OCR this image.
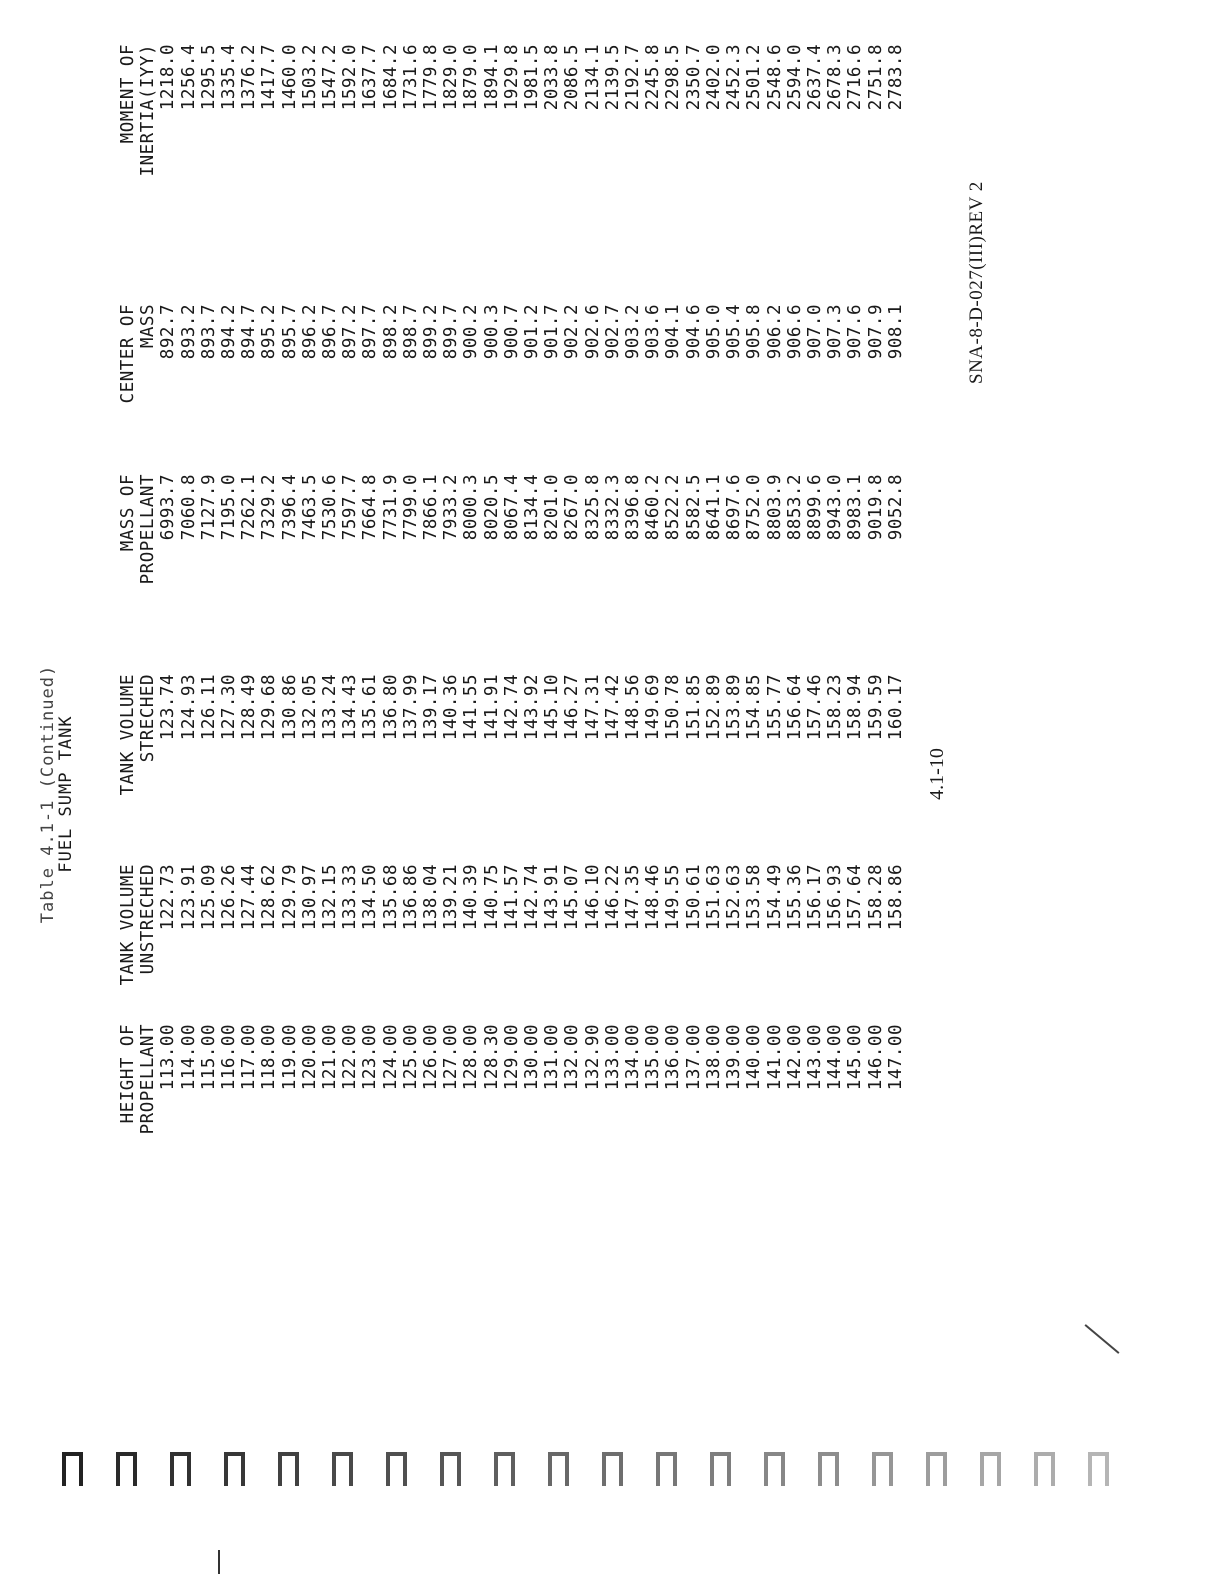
Table 4.1-1 (Continued)
FUEL SUMP TANK
HEIGHT OF PROPELLANT 113.00 114.00 115.00 116.00 117.00 118.00 119.00 120.00 121.00 122.00 123.00 124.00 125.00 126.00 127.00 128.00 128.30 129.00 130.00 131.00 132.00 132.90 133.00 134.00 135.00 136.00 137.00 138.00 139.00 140.00 141.00 142.00 143.00 144.00 145.00 146.00 147.00
TANK VOLUME UNSTRECHED 122.73 123.91 125.09 126.26 127.44 128.62 129.79 130.97 132.15 133.33 134.50 135.68 136.86 138.04 139.21 140.39 140.75 141.57 142.74 143.91 145.07 146.10 146.22 147.35 148.46 149.55 150.61 151.63 152.63 153.58 154.49 155.36 156.17 156.93 157.64 158.28 158.86
TANK VOLUME STRECHED 123.74 124.93 126.11 127.30 128.49 129.68 130.86 132.05 133.24 134.43 135.61 136.80 137.99 139.17 140.36 141.55 141.91 142.74 143.92 145.10 146.27 147.31 147.42 148.56 149.69 150.78 151.85 152.89 153.89 154.85 155.77 156.64 157.46 158.23 158.94 159.59 160.17
MASS OF PROPELLANT 6993.7 7060.8 7127.9 7195.0 7262.1 7329.2 7396.4 7463.5 7530.6 7597.7 7664.8 7731.9 7799.0 7866.1 7933.2 8000.3 8020.5 8067.4 8134.4 8201.0 8267.0 8325.8 8332.3 8396.8 8460.2 8522.2 8582.5 8641.1 8697.6 8752.0 8803.9 8853.2 8899.6 8943.0 8983.1 9019.8 9052.8
CENTER OF MASS 892.7 893.2 893.7 894.2 894.7 895.2 895.7 896.2 896.7 897.2 897.7 898.2 898.7 899.2 899.7 900.2 900.3 900.7 901.2 901.7 902.2 902.6 902.7 903.2 903.6 904.1 904.6 905.0 905.4 905.8 906.2 906.6 907.0 907.3 907.6 907.9 908.1
MOMENT OF INERTIA(IYY) 1218.0 1256.4 1295.5 1335.4 1376.2 1417.7 1460.0 1503.2 1547.2 1592.0 1637.7 1684.2 1731.6 1779.8 1829.0 1879.0 1894.1 1929.8 1981.5 2033.8 2086.5 2134.1 2139.5 2192.7 2245.8 2298.5 2350.7 2402.0 2452.3 2501.2 2548.6 2594.0 2637.4 2678.3 2716.6 2751.8 2783.8
4.1-10
SNA-8-D-027(III)REV 2
